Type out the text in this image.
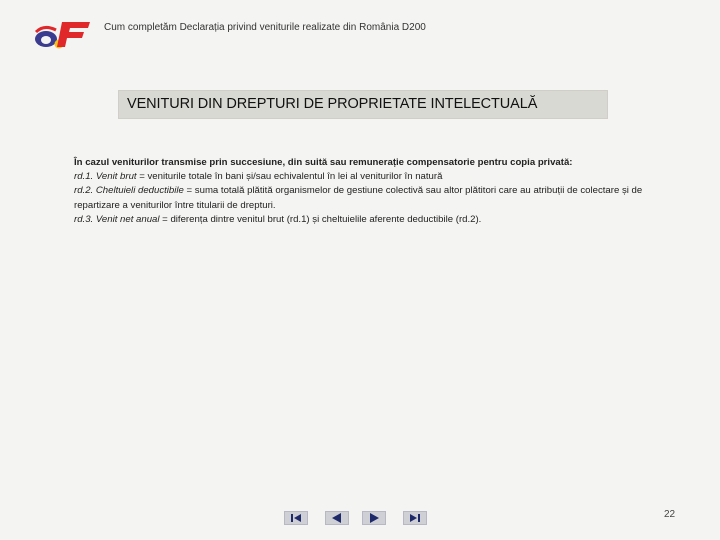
Cum completăm Declarația privind veniturile realizate din România D200
VENITURI DIN DREPTURI DE PROPRIETATE INTELECTUALĂ
În cazul veniturilor transmise prin succesiune, din suită sau remunerație compensatorie pentru copia privată:
rd.1. Venit brut = veniturile totale în bani și/sau echivalentul în lei al veniturilor în natură
rd.2. Cheltuieli deductibile = suma totală plătită organismelor de gestiune colectivă sau altor plătitori care au atribuții de colectare și de repartizare a veniturilor între titularii de drepturi.
rd.3. Venit net anual = diferența dintre venitul brut (rd.1) și cheltuielile aferente deductibile (rd.2).
22
